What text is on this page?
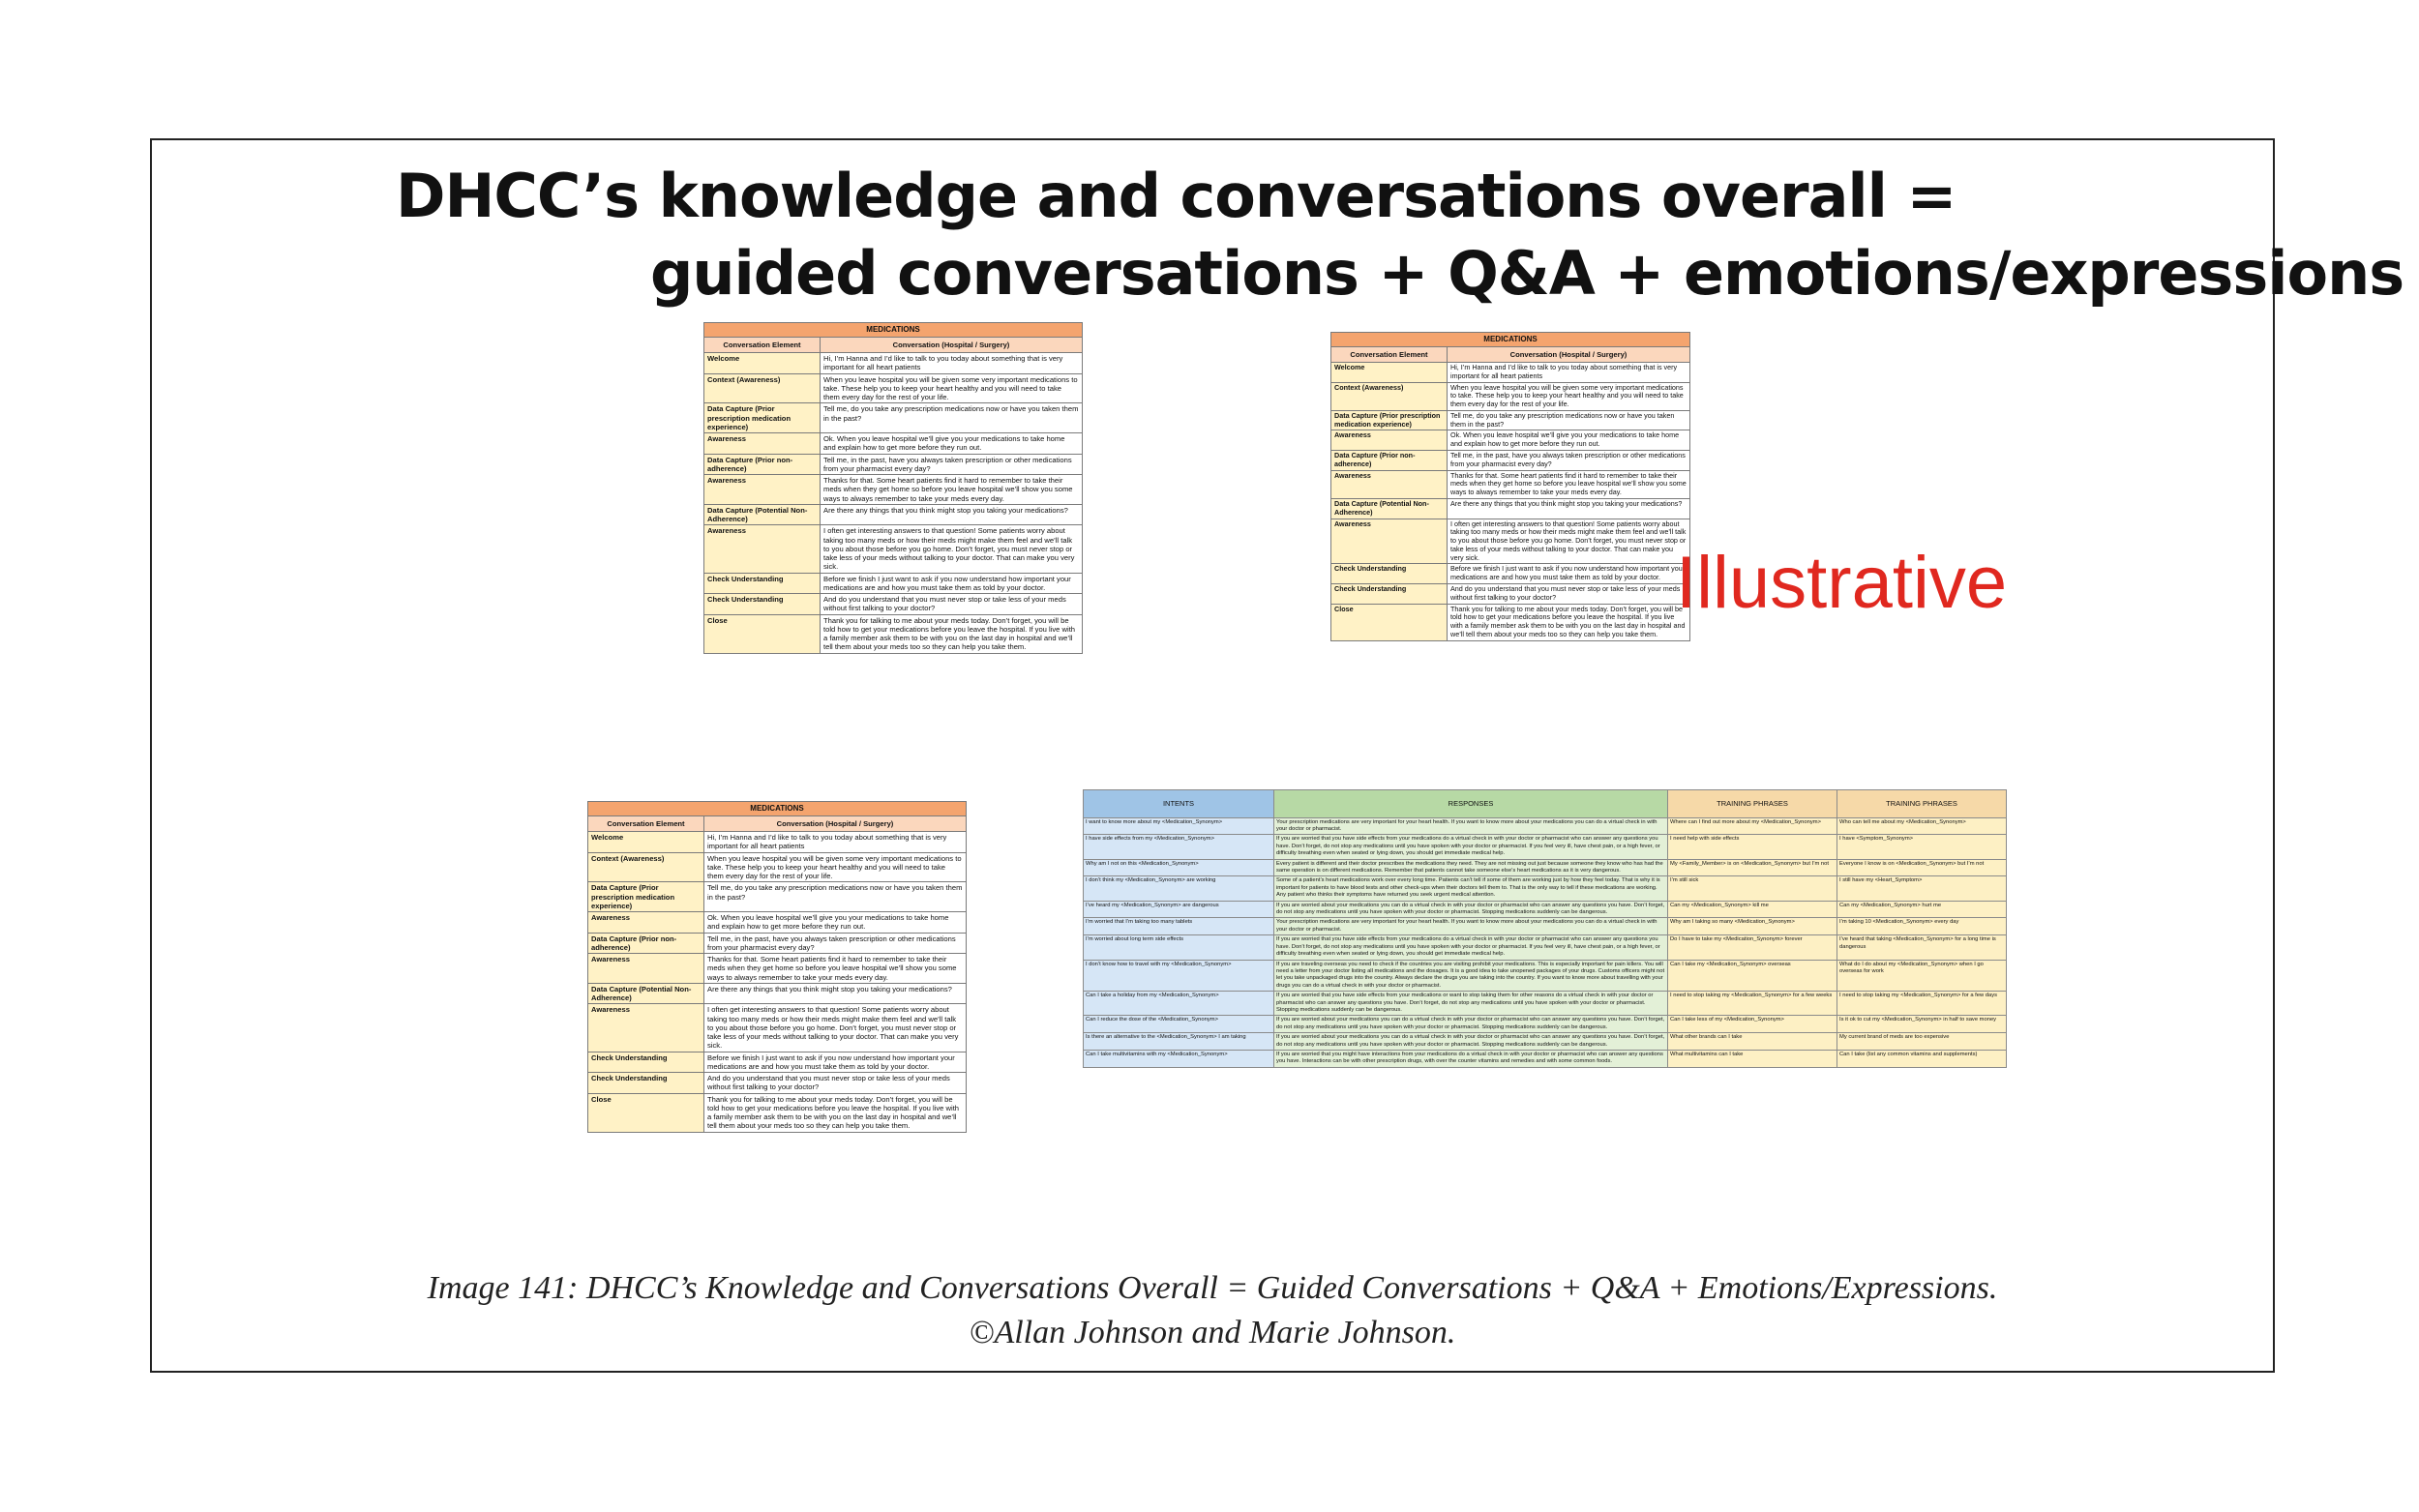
DHCC’s knowledge and conversations overall =
guided conversations + Q&A + emotions/expressions
MEDICATIONS	
Conversation Element	Conversation (Hospital / Surgery)
Welcome	Hi, I’m Hanna and I’d like to talk to you today about something that is very important for all heart patients
Context (Awareness)	When you leave hospital you will be given some very important medications to take. These help you to keep your heart healthy and you will need to take them every day for the rest of your life.
Data Capture (Prior prescription medication experience)	Tell me, do you take any prescription medications now or have you taken them in the past?
Awareness	Ok. When you leave hospital we’ll give you your medications to take home and explain how to get more before they run out.
Data Capture (Prior non-adherence)	Tell me, in the past, have you always taken prescription or other medications from your pharmacist every day?
Awareness	Thanks for that. Some heart patients find it hard to remember to take their meds when they get home so before you leave hospital we’ll show you some ways to always remember to take your meds every day.
Data Capture (Potential Non-Adherence)	Are there any things that you think might stop you taking your medications?
Awareness	I often get interesting answers to that question! Some patients worry about taking too many meds or how their meds might make them feel and we’ll talk to you about those before you go home. Don’t forget, you must never stop or take less of your meds without talking to your doctor. That can make you very sick.
Check Understanding	Before we finish I just want to ask if you now understand how important your medications are and how you must take them as told by your doctor.
Check Understanding	And do you understand that you must never stop or take less of your meds without first talking to your doctor?
Close	Thank you for talking to me about your meds today. Don’t forget, you will be told how to get your medications before you leave the hospital. If you live with a family member ask them to be with you on the last day in hospital and we’ll tell them about your meds too so they can help you take them.
MEDICATIONS	
Conversation Element	Conversation (Hospital / Surgery)
Welcome	Hi, I’m Hanna and I’d like to talk to you today about something that is very important for all heart patients
Context (Awareness)	When you leave hospital you will be given some very important medications to take. These help you to keep your heart healthy and you will need to take them every day for the rest of your life.
Data Capture (Prior prescription medication experience)	Tell me, do you take any prescription medications now or have you taken them in the past?
Awareness	Ok. When you leave hospital we’ll give you your medications to take home and explain how to get more before they run out.
Data Capture (Prior non-adherence)	Tell me, in the past, have you always taken prescription or other medications from your pharmacist every day?
Awareness	Thanks for that. Some heart patients find it hard to remember to take their meds when they get home so before you leave hospital we’ll show you some ways to always remember to take your meds every day.
Data Capture (Potential Non-Adherence)	Are there any things that you think might stop you taking your medications?
Awareness	I often get interesting answers to that question! Some patients worry about taking too many meds or how their meds might make them feel and we’ll talk to you about those before you go home. Don’t forget, you must never stop or take less of your meds without talking to your doctor. That can make you very sick.
Check Understanding	Before we finish I just want to ask if you now understand how important your medications are and how you must take them as told by your doctor.
Check Understanding	And do you understand that you must never stop or take less of your meds without first talking to your doctor?
Close	Thank you for talking to me about your meds today. Don’t forget, you will be told how to get your medications before you leave the hospital. If you live with a family member ask them to be with you on the last day in hospital and we’ll tell them about your meds too so they can help you take them.
MEDICATIONS	
Conversation Element	Conversation (Hospital / Surgery)
Welcome	Hi, I’m Hanna and I’d like to talk to you today about something that is very important for all heart patients
Context (Awareness)	When you leave hospital you will be given some very important medications to take. These help you to keep your heart healthy and you will need to take them every day for the rest of your life.
Data Capture (Prior prescription medication experience)	Tell me, do you take any prescription medications now or have you taken them in the past?
Awareness	Ok. When you leave hospital we’ll give you your medications to take home and explain how to get more before they run out.
Data Capture (Prior non-adherence)	Tell me, in the past, have you always taken prescription or other medications from your pharmacist every day?
Awareness	Thanks for that. Some heart patients find it hard to remember to take their meds when they get home so before you leave hospital we’ll show you some ways to always remember to take your meds every day.
Data Capture (Potential Non-Adherence)	Are there any things that you think might stop you taking your medications?
Awareness	I often get interesting answers to that question! Some patients worry about taking too many meds or how their meds might make them feel and we’ll talk to you about those before you go home. Don’t forget, you must never stop or take less of your meds without talking to your doctor. That can make you very sick.
Check Understanding	Before we finish I just want to ask if you now understand how important your medications are and how you must take them as told by your doctor.
Check Understanding	And do you understand that you must never stop or take less of your meds without first talking to your doctor?
Close	Thank you for talking to me about your meds today. Don’t forget, you will be told how to get your medications before you leave the hospital. If you live with a family member ask them to be with you on the last day in hospital and we’ll tell them about your meds too so they can help you take them.
Illustrative
INTENTS	RESPONSES	TRAINING PHRASES	TRAINING PHRASES
I want to know more about my <Medication_Synonym>	Your prescription medications are very important for your heart health. If you want to know more about your medications you can do a virtual check in with your doctor or pharmacist.	Where can I find out more about my <Medication_Synonym>	Who can tell me about my <Medication_Synonym>
I have side effects from my <Medication_Synonym>	If you are worried that you have side effects from your medications do a virtual check in with your doctor or pharmacist who can answer any questions you have. Don’t forget, do not stop any medications until you have spoken with your doctor or pharmacist. If you feel very ill, have chest pain, or a high fever, or difficulty breathing even when seated or lying down, you should get immediate medical help.	I need help with side effects	I have <Symptom_Synonym>
Why am I not on this <Medication_Synonym>	Every patient is different and their doctor prescribes the medications they need. They are not missing out just because someone they know who has had the same operation is on different medications. Remember that patients cannot take someone else’s heart medications as it is very dangerous.	My <Family_Member> is on <Medication_Synonym> but I’m not	Everyone I know is on <Medication_Synonym> but I’m not
I don’t think my <Medication_Synonym> are working	Some of a patient’s heart medications work over every long time. Patients can’t tell if some of them are working just by how they feel today. That is why it is important for patients to have blood tests and other check-ups when their doctors tell them to. That is the only way to tell if these medications are working. Any patient who thinks their symptoms have returned you seek urgent medical attention.	I’m still sick	I still have my <Heart_Symptom>
I’ve heard my <Medication_Synonym> are dangerous	If you are worried about your medications you can do a virtual check in with your doctor or pharmacist who can answer any questions you have. Don’t forget, do not stop any medications until you have spoken with your doctor or pharmacist. Stopping medications suddenly can be dangerous.	Can my <Medication_Synonym> kill me	Can my <Medication_Synonym> hurt me
I’m worried that I’m taking too many tablets	Your prescription medications are very important for your heart health. If you want to know more about your medications you can do a virtual check in with your doctor or pharmacist.	Why am I taking so many <Medication_Synonym>	I’m taking 10 <Medication_Synonym> every day
I’m worried about long term side effects	If you are worried that you have side effects from your medications do a virtual check in with your doctor or pharmacist who can answer any questions you have. Don’t forget, do not stop any medications until you have spoken with your doctor or pharmacist. If you feel very ill, have chest pain, or a high fever, or difficulty breathing even when seated or lying down, you should get immediate medical help.	Do I have to take my <Medication_Synonym> forever	I’ve heard that taking <Medication_Synonym> for a long time is dangerous
I don’t know how to travel with my <Medication_Synonym>	If you are traveling overseas you need to check if the countries you are visiting prohibit your medications. This is especially important for pain killers. You will need a letter from your doctor listing all medications and the dosages. It is a good idea to take unopened packages of your drugs. Customs officers might not let you take unpackaged drugs into the country. Always declare the drugs you are taking into the country. If you want to know more about travelling with your drugs you can do a virtual check in with your doctor or pharmacist.	Can I take my <Medication_Synonym> overseas	What do I do about my <Medication_Synonym> when I go overseas for work
Can I take a holiday from my <Medication_Synonym>	If you are worried that you have side effects from your medications or want to stop taking them for other reasons do a virtual check in with your doctor or pharmacist who can answer any questions you have. Don’t forget, do not stop any medications until you have spoken with your doctor or pharmacist. Stopping medications suddenly can be dangerous.	I need to stop taking my <Medication_Synonym> for a few weeks	I need to stop taking my <Medication_Synonym> for a few days
Can I reduce the dose of the <Medication_Synonym>	If you are worried about your medications you can do a virtual check in with your doctor or pharmacist who can answer any questions you have. Don’t forget, do not stop any medications until you have spoken with your doctor or pharmacist. Stopping medications suddenly can be dangerous.	Can I take less of my <Medication_Synonym>	Is it ok to cut my <Medication_Synonym> in half to save money
Is there an alternative to the <Medication_Synonym> I am taking	If you are worried about your medications you can do a virtual check in with your doctor or pharmacist who can answer any questions you have. Don’t forget, do not stop any medications until you have spoken with your doctor or pharmacist. Stopping medications suddenly can be dangerous.	What other brands can I take	My current brand of meds are too expensive
Can I take multivitamins with my <Medication_Synonym>	If you are worried that you might have interactions from your medications do a virtual check in with your doctor or pharmacist who can answer any questions you have. Interactions can be with other prescription drugs, with over the counter vitamins and remedies and with some common foods.	What multivitamins can I take	Can I take (list any common vitamins and supplements)
Image 141: DHCC’s Knowledge and Conversations Overall = Guided Conversations + Q&A + Emotions/Expressions.
©Allan Johnson and Marie Johnson.
